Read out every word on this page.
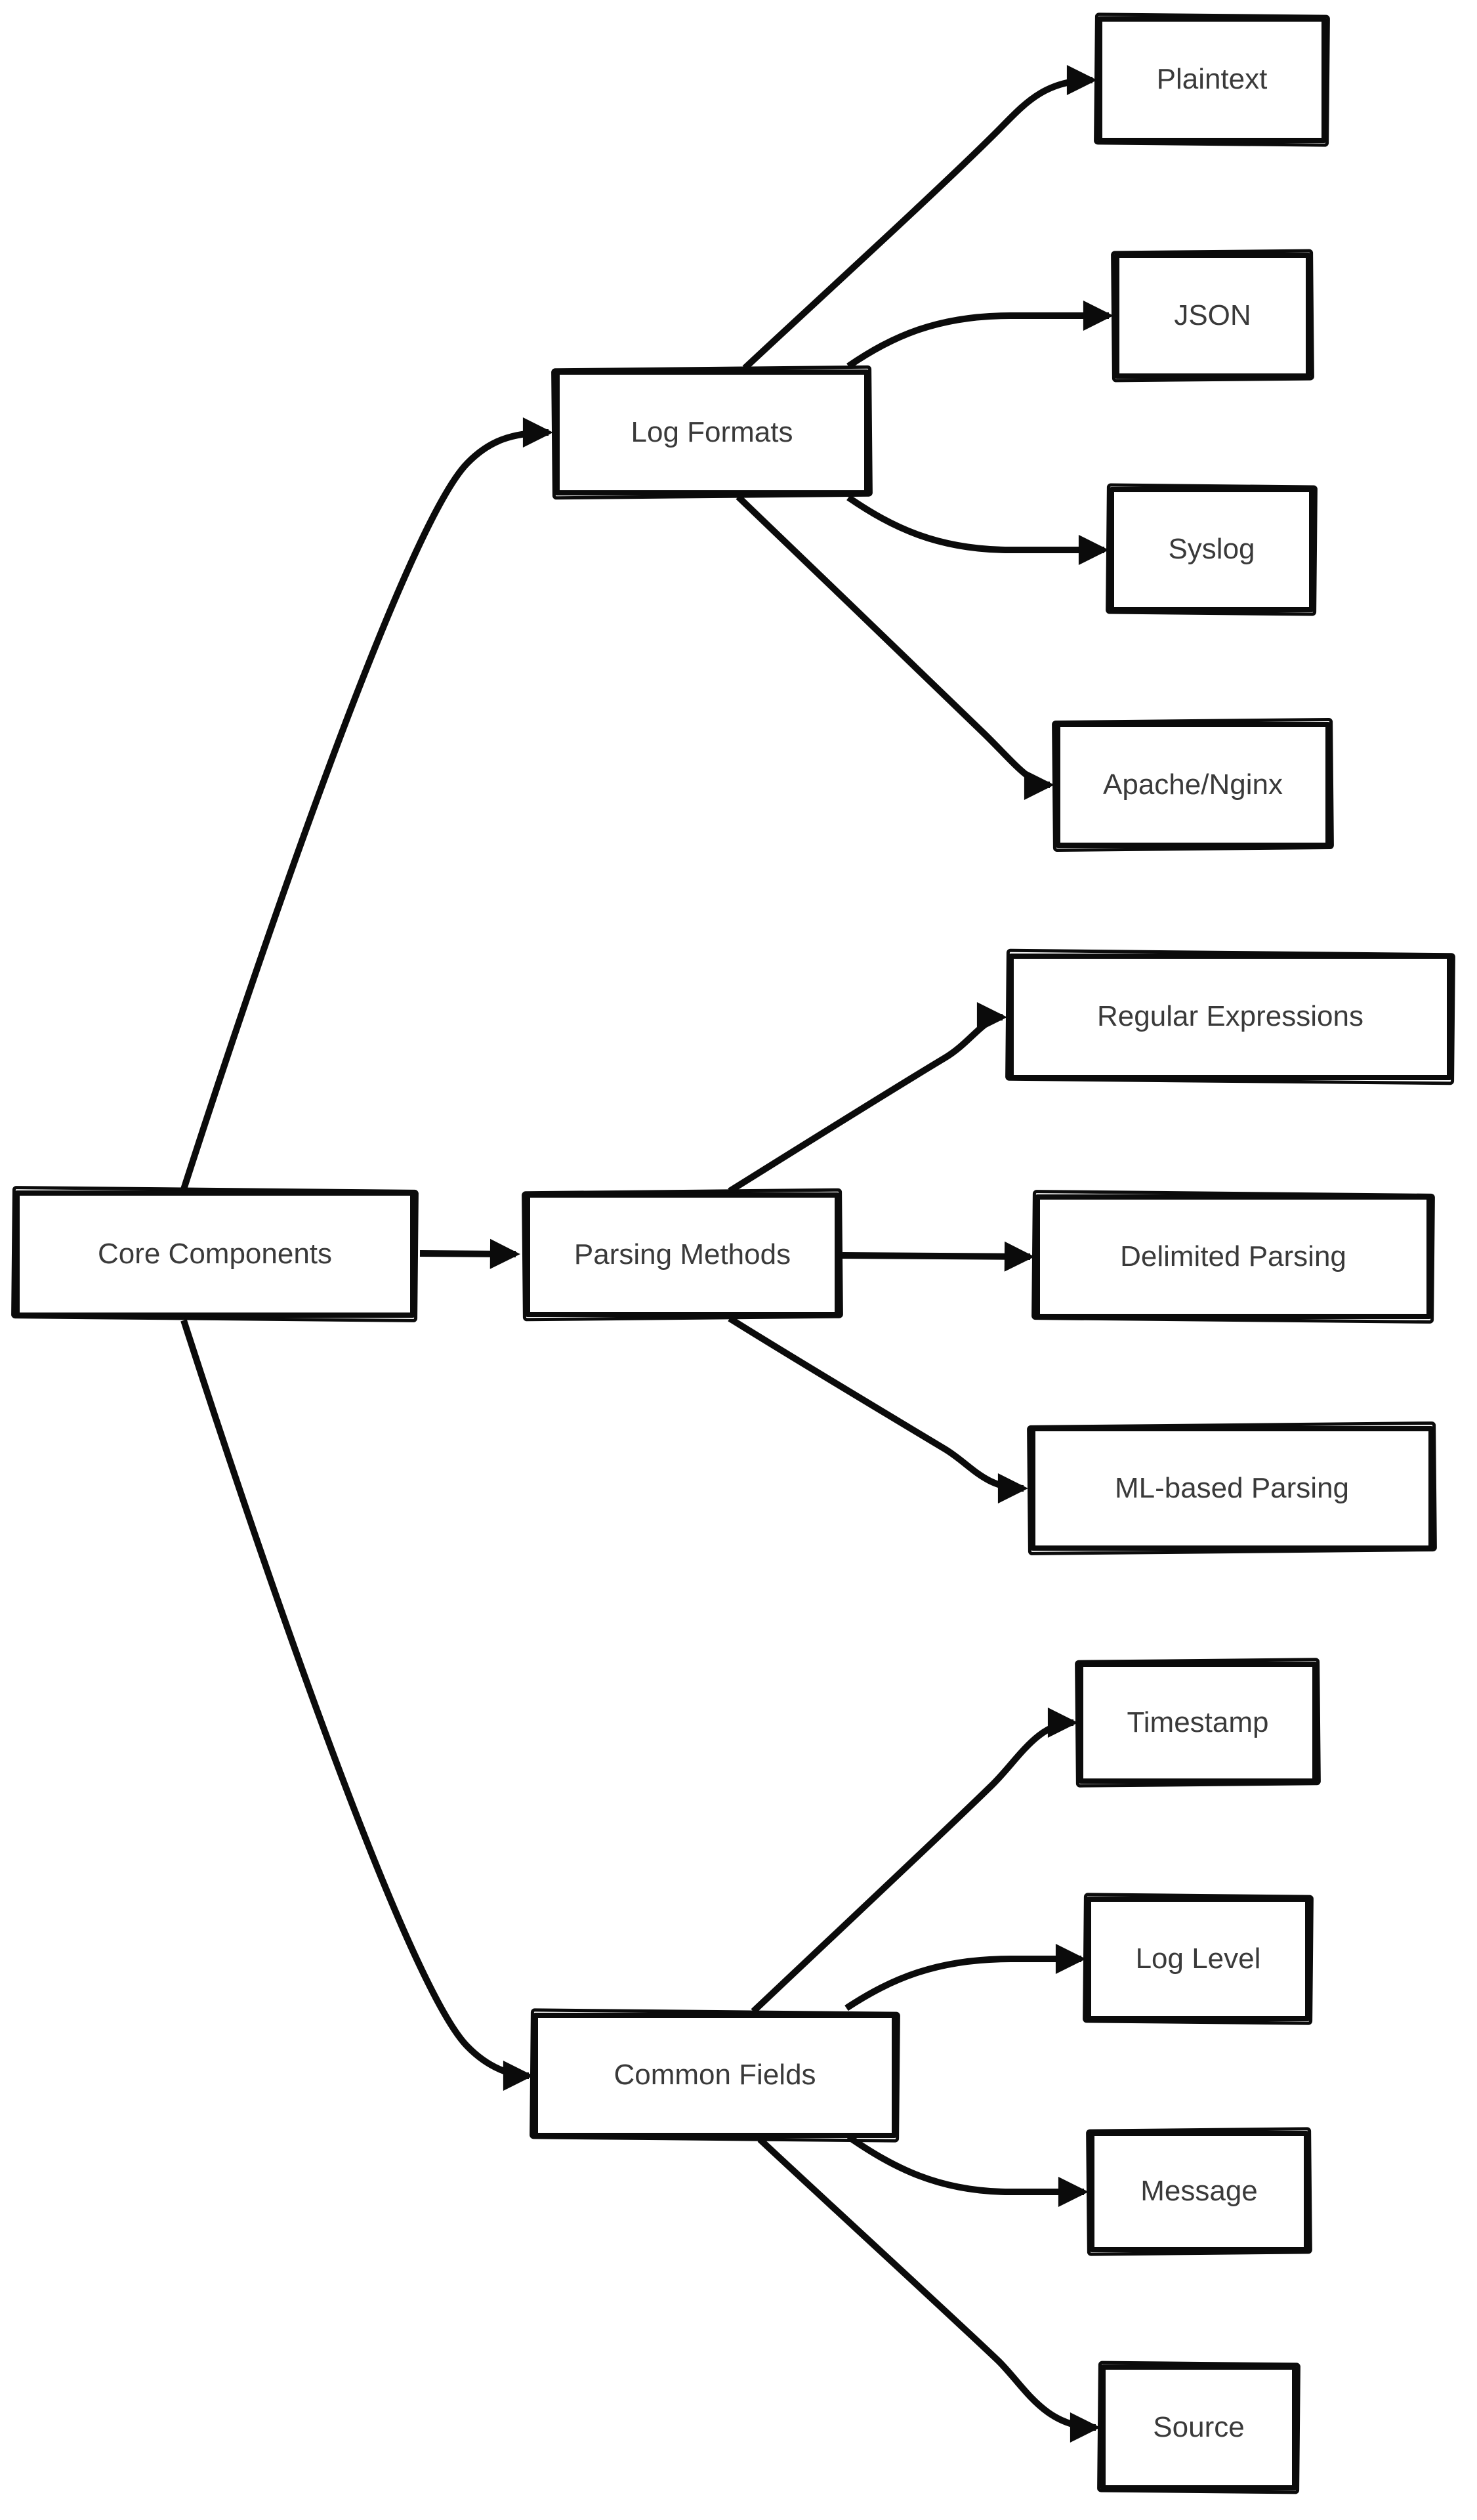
Core Components
Log Formats
Plaintext
JSON
Syslog
Apache/Nginx
Regular Expressions
Parsing Methods	Delimited Parsing
ML-based Parsing
Common Fields
Timestamp
Log Level
Message
Source
